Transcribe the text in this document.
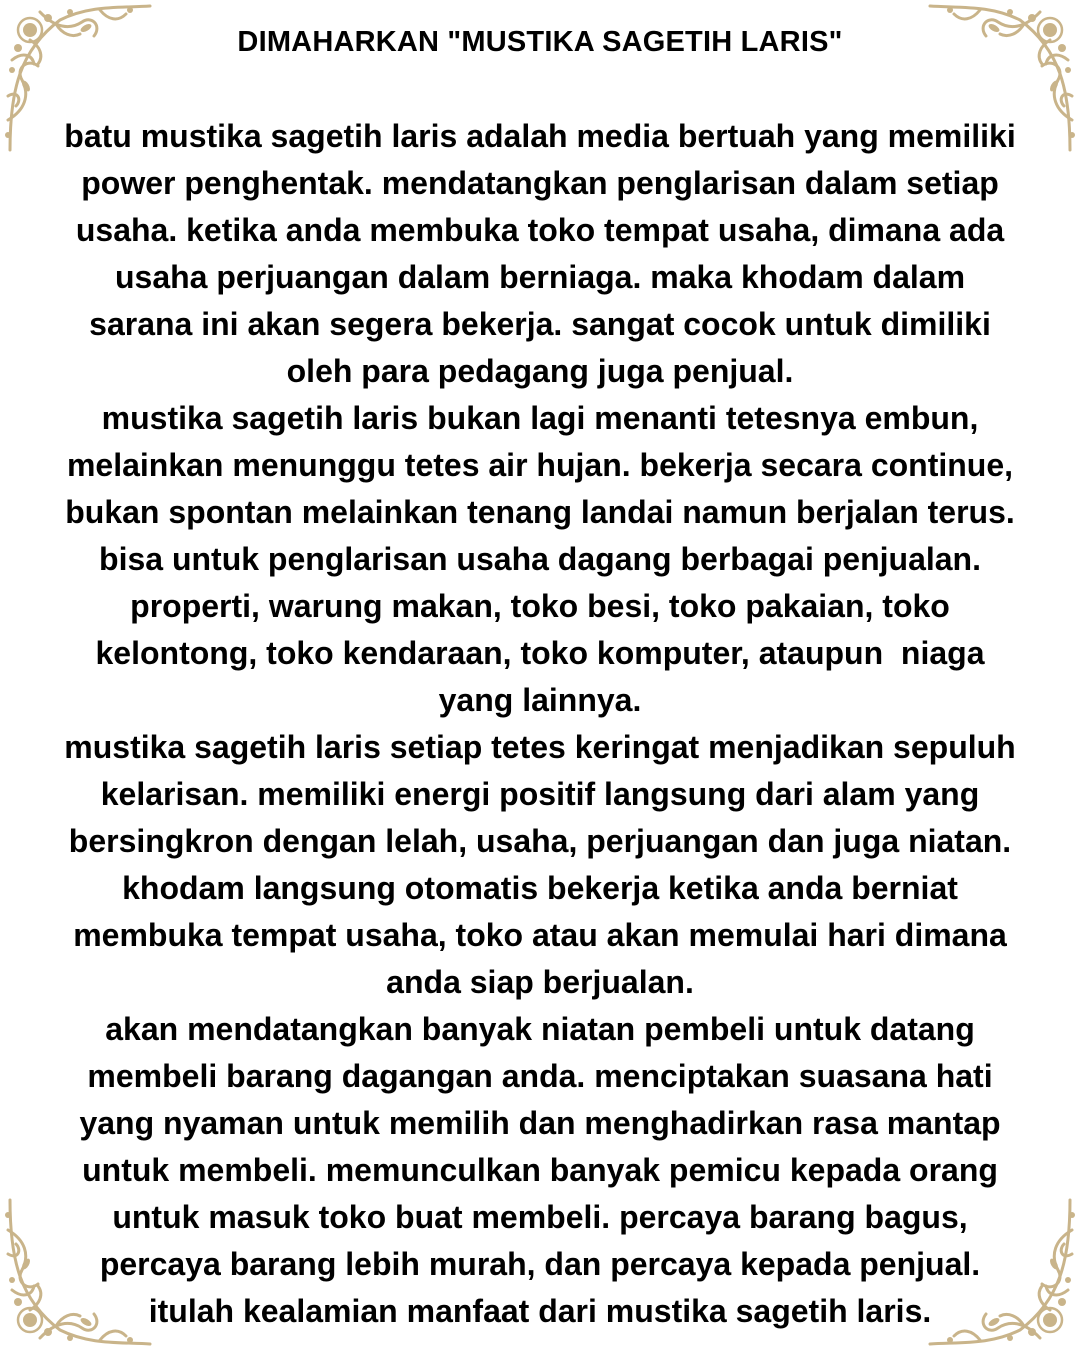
DIMAHARKAN "MUSTIKA SAGETIH LARIS"
batu mustika sagetih laris adalah media bertuah yang memiliki
power penghentak. mendatangkan penglarisan dalam setiap
usaha. ketika anda membuka toko tempat usaha, dimana ada
usaha perjuangan dalam berniaga. maka khodam dalam
sarana ini akan segera bekerja. sangat cocok untuk dimiliki
oleh para pedagang juga penjual.
mustika sagetih laris bukan lagi menanti tetesnya embun,
melainkan menunggu tetes air hujan. bekerja secara continue,
bukan spontan melainkan tenang landai namun berjalan terus.
bisa untuk penglarisan usaha dagang berbagai penjualan.
properti, warung makan, toko besi, toko pakaian, toko
kelontong, toko kendaraan, toko komputer, ataupun  niaga
yang lainnya.
mustika sagetih laris setiap tetes keringat menjadikan sepuluh
kelarisan. memiliki energi positif langsung dari alam yang
bersingkron dengan lelah, usaha, perjuangan dan juga niatan.
khodam langsung otomatis bekerja ketika anda berniat
membuka tempat usaha, toko atau akan memulai hari dimana
anda siap berjualan.
akan mendatangkan banyak niatan pembeli untuk datang
membeli barang dagangan anda. menciptakan suasana hati
yang nyaman untuk memilih dan menghadirkan rasa mantap
untuk membeli. memunculkan banyak pemicu kepada orang
untuk masuk toko buat membeli. percaya barang bagus,
percaya barang lebih murah, dan percaya kepada penjual.
itulah kealamian manfaat dari mustika sagetih laris.
